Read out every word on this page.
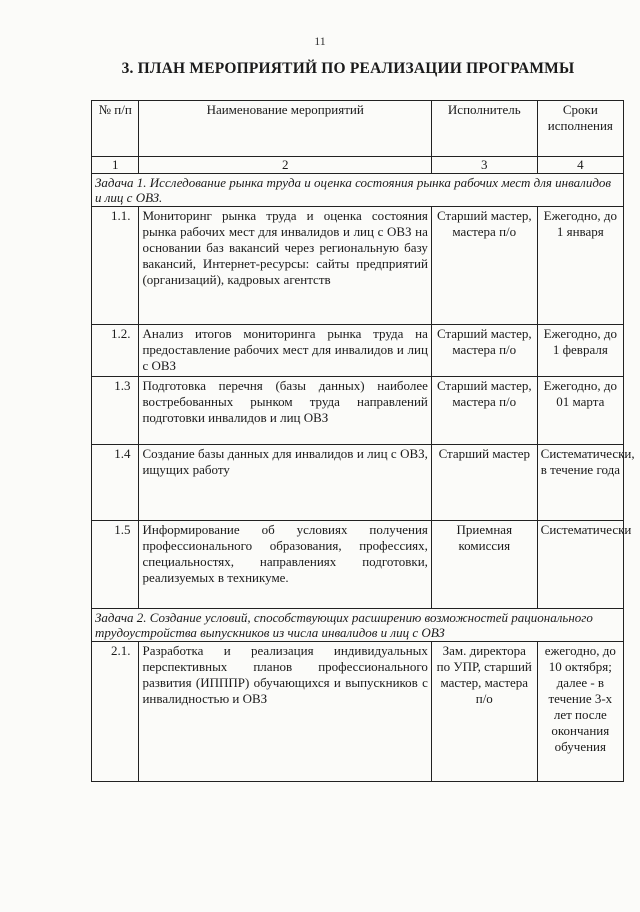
11
3. ПЛАН МЕРОПРИЯТИЙ ПО РЕАЛИЗАЦИИ ПРОГРАММЫ
№ п/п	Наименование мероприятий	Исполнитель	Сроки исполнения
1	2	3	4
Задача 1. Исследование рынка труда и оценка состояния рынка рабочих мест для инвалидов и лиц с ОВЗ.			
1.1.	Мониторинг рынка труда и оценка состояния рынка рабочих мест для инвалидов и лиц с ОВЗ на основании баз вакансий через региональную базу вакансий, Интернет-ресурсы: сайты предприятий (организаций), кадровых агентств	Старший мастер, мастера п/о	Ежегодно, до 1 января
1.2.	Анализ итогов мониторинга рынка труда на предоставление рабочих мест для инвалидов и лиц с ОВЗ	Старший мастер, мастера п/о	Ежегодно, до 1 февраля
1.3	Подготовка перечня (базы данных) наиболее востребованных рынком труда направлений подготовки инвалидов и лиц ОВЗ	Старший мастер, мастера п/о	Ежегодно, до 01 марта
1.4	Создание базы данных для инвалидов и лиц с ОВЗ, ищущих работу	Старший мастер	Систематически, в течение года
1.5	Информирование об условиях получения профессионального образования, профессиях, специальностях, направлениях подготовки, реализуемых в техникуме.	Приемная комиссия	Систематически
Задача 2. Создание условий, способствующих расширению возможностей рационального трудоустройства выпускников из числа инвалидов и лиц с ОВЗ			
2.1.	Разработка и реализация индивидуальных перспективных планов профессионального развития (ИПППР) обучающихся и выпускников с инвалидностью и ОВЗ	Зам. директора по УПР, старший мастер, мастера п/о	ежегодно, до 10 октября; далее - в течение 3-х лет после окончания обучения
